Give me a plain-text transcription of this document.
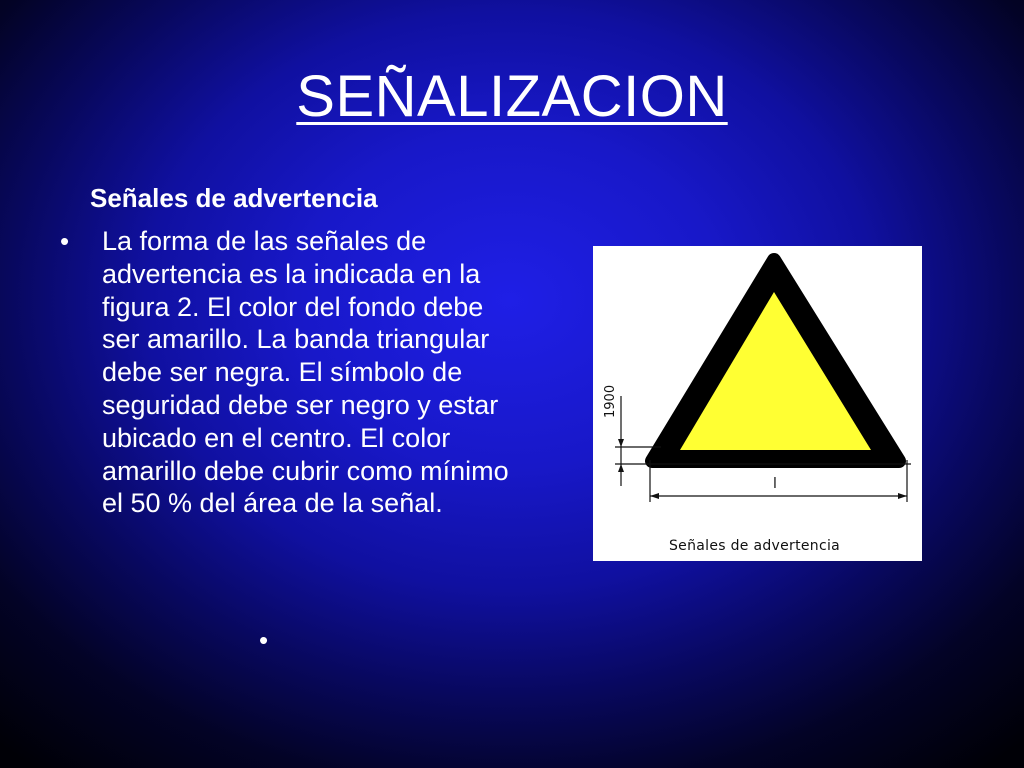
SEÑALIZACION
Señales de advertencia
• La forma de las señales de advertencia es la indicada en la figura 2. El color del fondo debe ser amarillo. La banda triangular debe ser negra. El símbolo de seguridad debe ser negro y estar ubicado en el centro. El color amarillo debe cubrir como mínimo el 50 % del área de la señal.
•
1900
l
Señales de advertencia
